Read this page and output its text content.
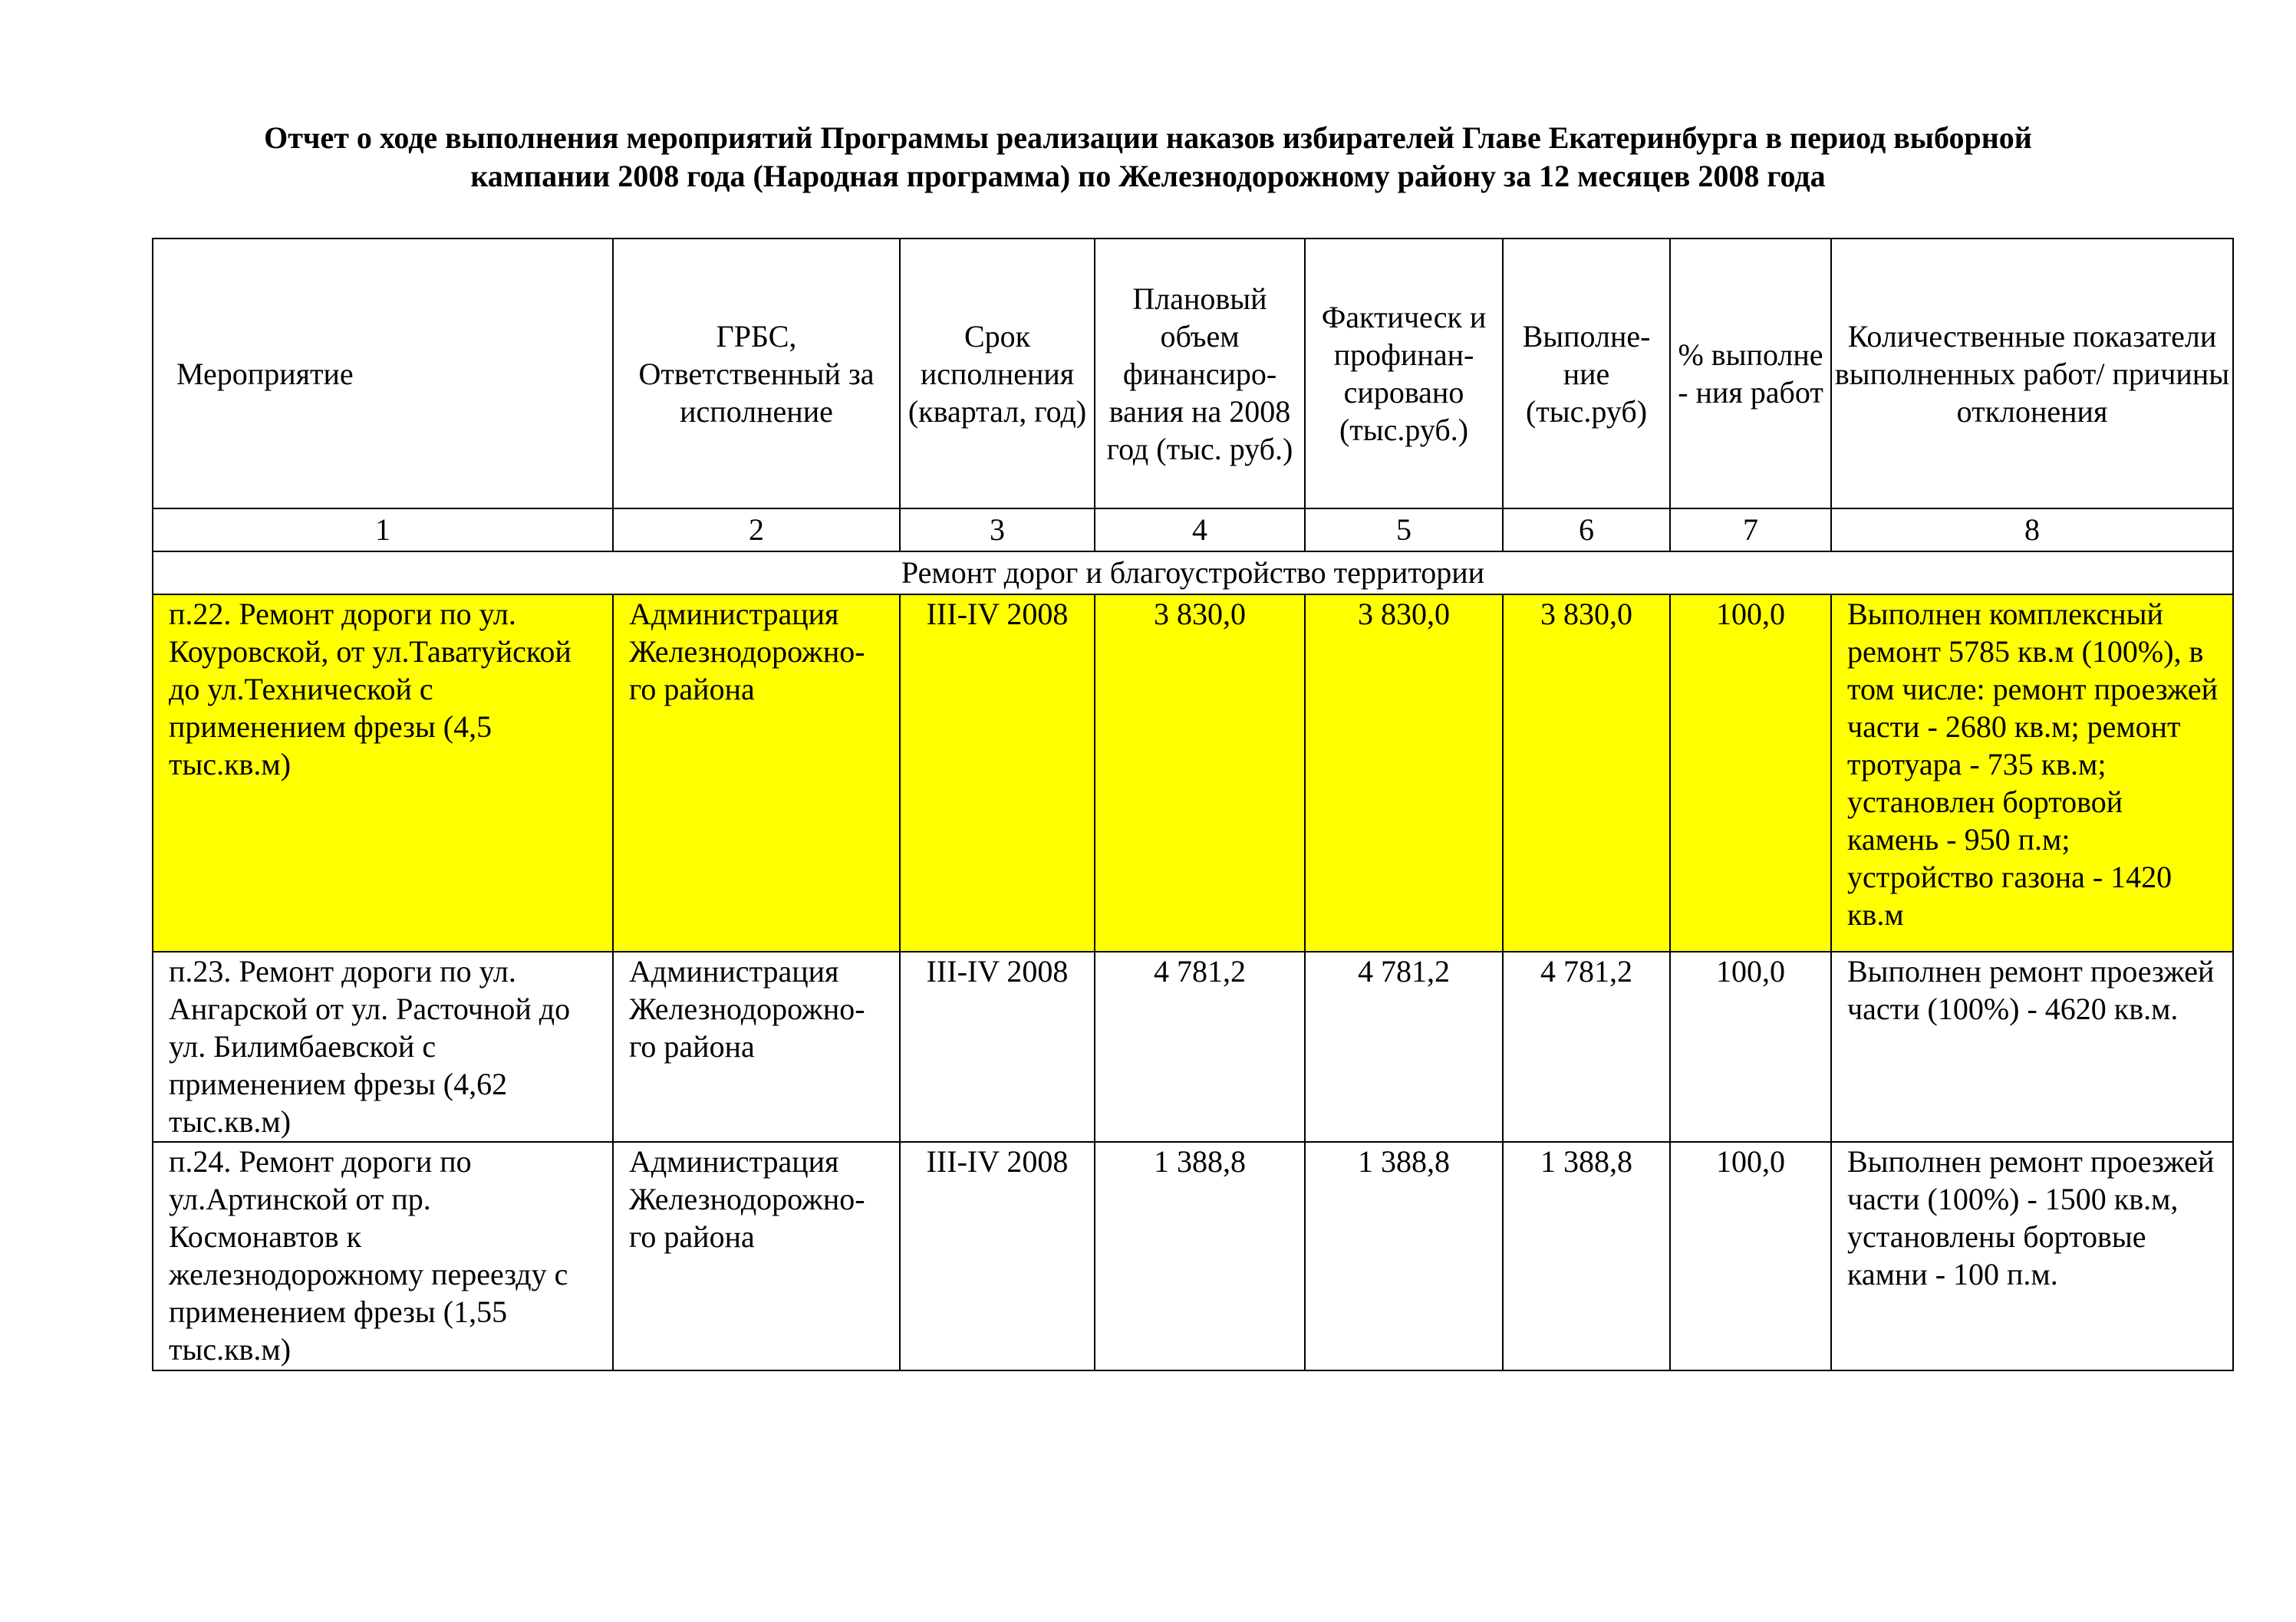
Отчет о ходе выполнения мероприятий Программы реализации наказов избирателей Главе Екатеринбурга в период выборной
кампании 2008 года (Народная программа) по Железнодорожному району за 12 месяцев 2008 года
Мероприятие	ГРБС, Ответственный за исполнение	Срок исполнения (квартал, год)	Плановый объем финансиро-вания на 2008 год (тыс. руб.)	Фактическ и профинан-сировано (тыс.руб.)	Выполне-ние (тыс.руб)	% выполне - ния работ	Количественные показатели выполненных работ/ причины отклонения
1	2	3	4	5	6	7	8
Ремонт дорог и благоустройство территории							
п.22. Ремонт дороги по ул. Коуровской, от ул.Таватуйской до ул.Технической с применением фрезы (4,5 тыс.кв.м)	Администрация Железнодорожно-го района	III-IV 2008	3 830,0	3 830,0	3 830,0	100,0	Выполнен комплексный ремонт 5785 кв.м (100%), в том числе: ремонт проезжей части - 2680 кв.м; ремонт тротуара - 735 кв.м; установлен бортовой камень - 950 п.м; устройство газона - 1420 кв.м
п.23. Ремонт дороги по ул. Ангарской от ул. Расточной до ул. Билимбаевской с применением фрезы (4,62 тыс.кв.м)	Администрация Железнодорожно-го района	III-IV 2008	4 781,2	4 781,2	4 781,2	100,0	Выполнен ремонт проезжей части (100%) - 4620 кв.м.
п.24. Ремонт дороги по ул.Артинской от пр. Космонавтов к железнодорожному переезду с применением фрезы (1,55 тыс.кв.м)	Администрация Железнодорожно-го района	III-IV 2008	1 388,8	1 388,8	1 388,8	100,0	Выполнен ремонт проезжей части (100%) - 1500 кв.м, установлены бортовые камни - 100 п.м.
